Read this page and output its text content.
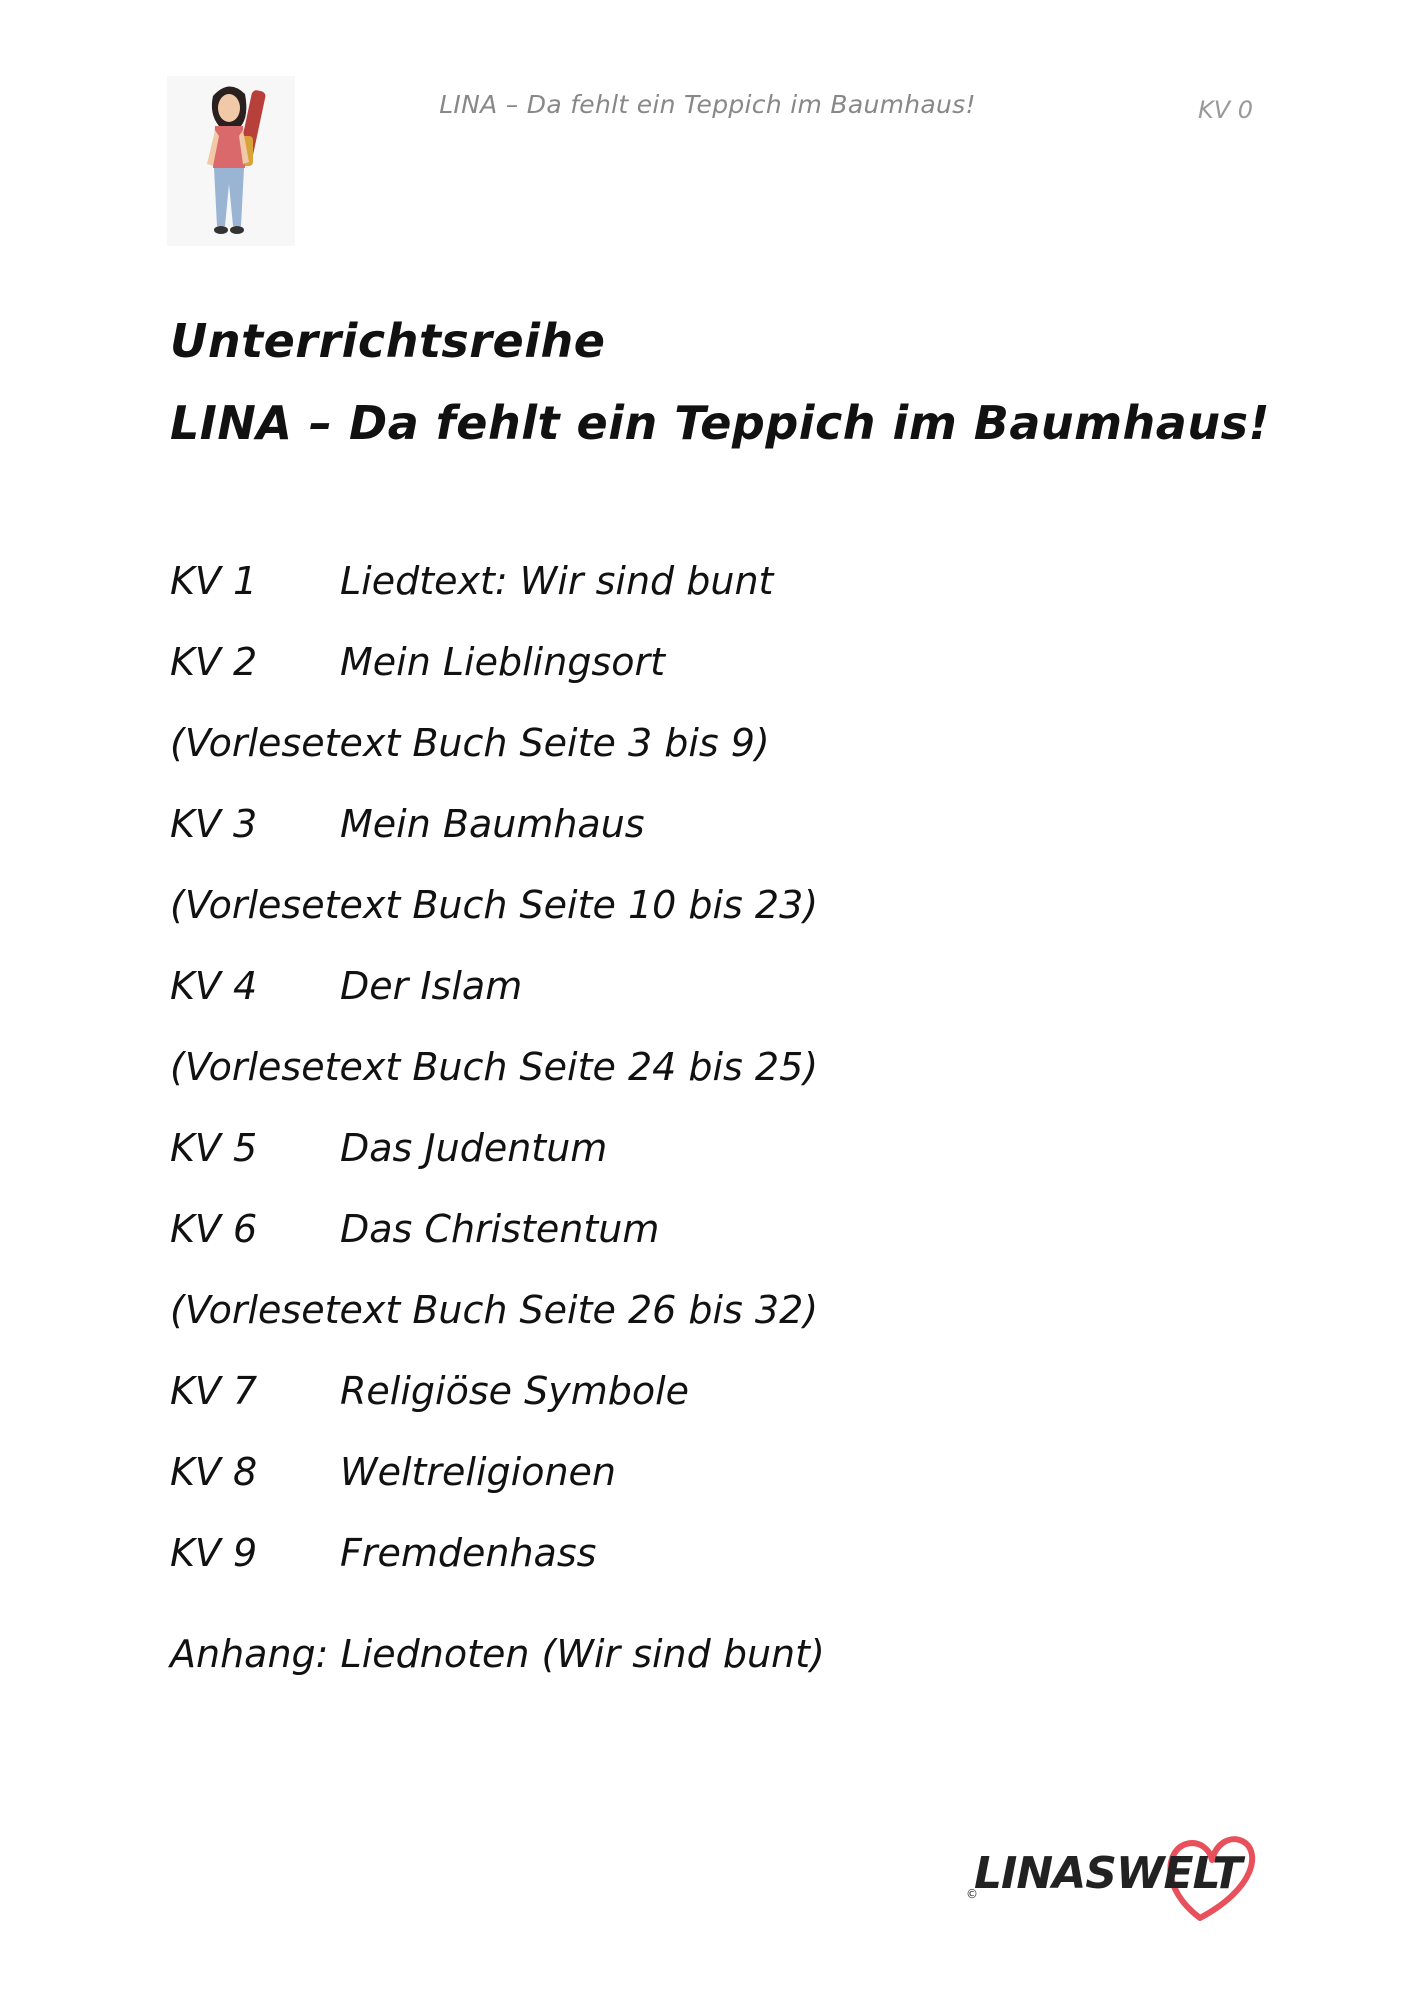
LINA – Da fehlt ein Teppich im Baumhaus!	KV 0
Unterrichtsreihe
LINA – Da fehlt ein Teppich im Baumhaus!
KV 1	Liedtext: Wir sind bunt
KV 2	Mein Lieblingsort
(Vorlesetext Buch Seite 3 bis 9)
KV 3	Mein Baumhaus
(Vorlesetext Buch Seite 10 bis 23)
KV 4	Der Islam
(Vorlesetext Buch Seite 24 bis 25)
KV 5	Das Judentum
KV 6	Das Christentum
(Vorlesetext Buch Seite 26 bis 32)
KV 7	Religiöse Symbole
KV 8	Weltreligionen
KV 9	Fremdenhass
Anhang: Liednoten (Wir sind bunt)
LINASWELT
©
